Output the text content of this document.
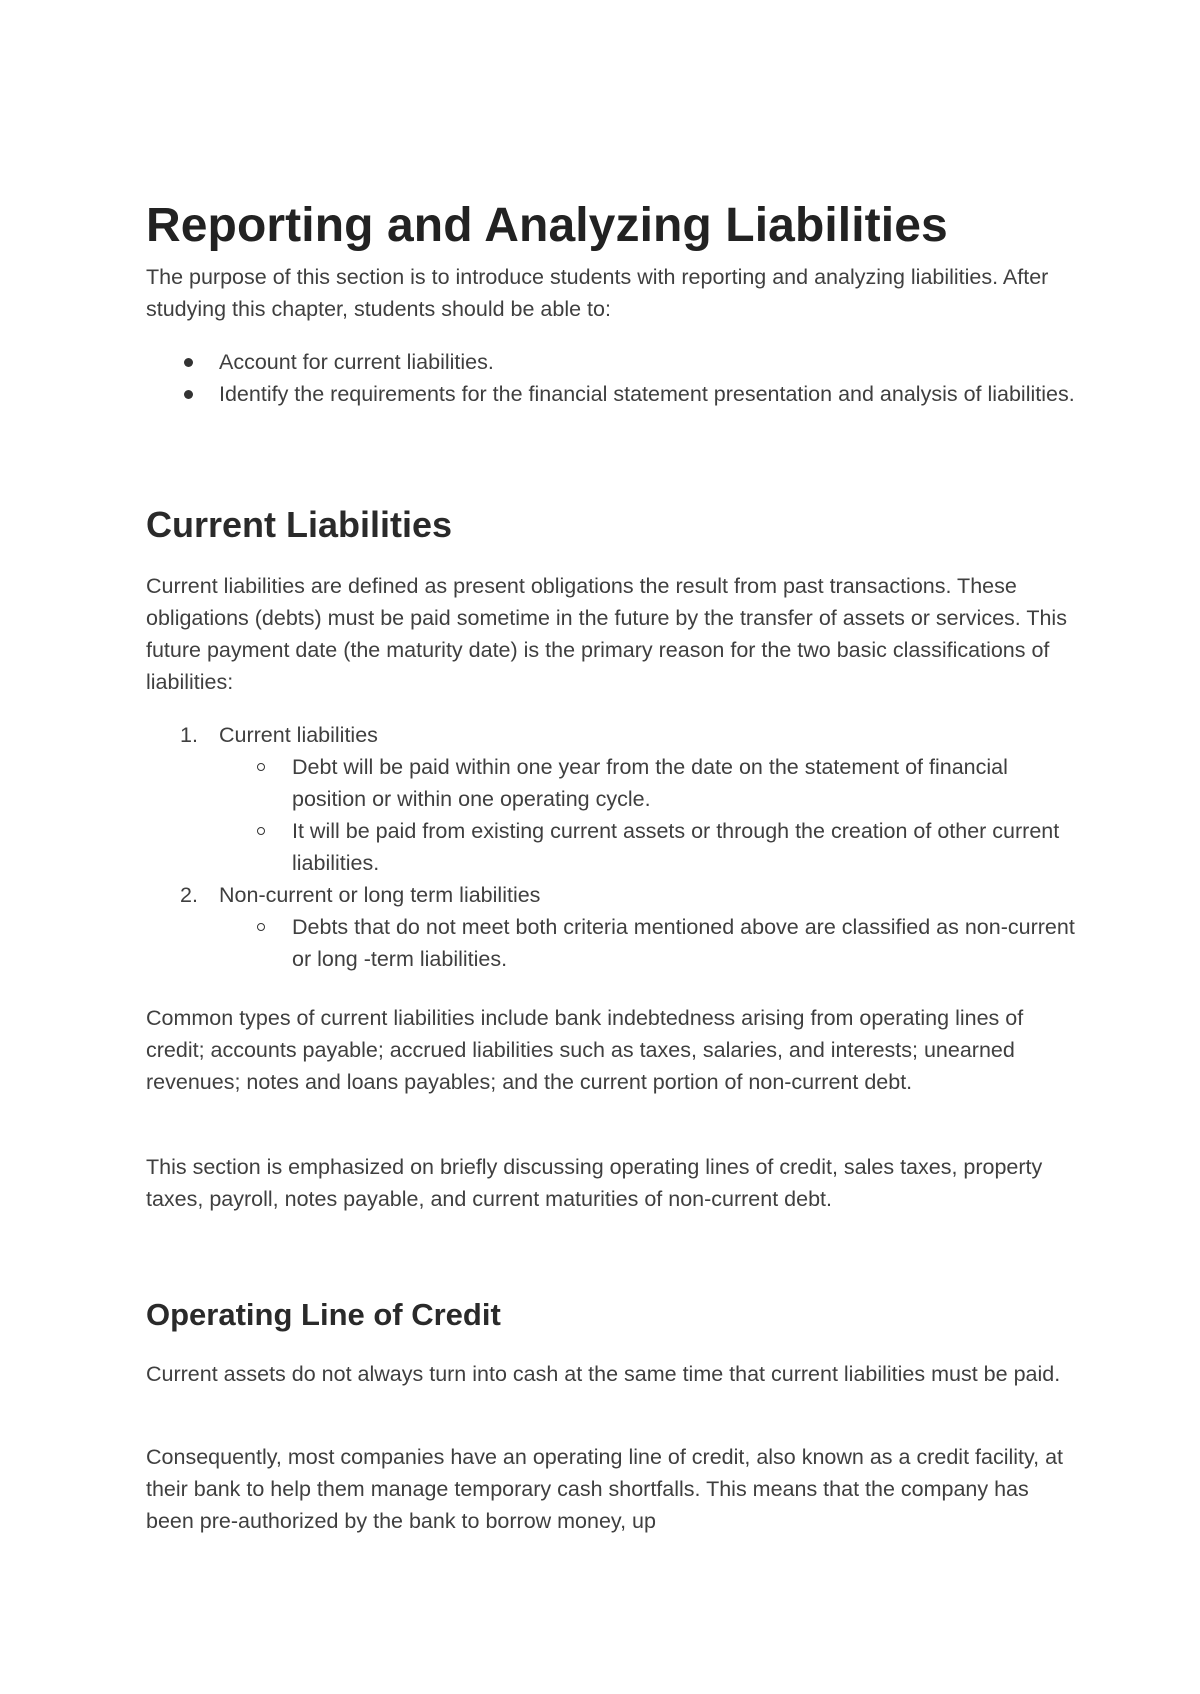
Reporting and Analyzing Liabilities

The purpose of this section is to introduce students with reporting and analyzing liabilities. After studying this chapter, students should be able to:

Account for current liabilities.
Identify the requirements for the financial statement presentation and analysis of liabilities.
Current Liabilities

Current liabilities are defined as present obligations the result from past transactions. These obligations (debts) must be paid sometime in the future by the transfer of assets or services. This future payment date (the maturity date) is the primary reason for the two basic classifications of liabilities:

1. Current liabilities
Debt will be paid within one year from the date on the statement of financial position or within one operating cycle.
It will be paid from existing current assets or through the creation of other current liabilities.
2. Non-current or long term liabilities
Debts that do not meet both criteria mentioned above are classified as non-current or long -term liabilities.

Common types of current liabilities include bank indebtedness arising from operating lines of credit; accounts payable; accrued liabilities such as taxes, salaries, and interests; unearned revenues; notes and loans payables; and the current portion of non-current debt.

This section is emphasized on briefly discussing operating lines of credit, sales taxes, property taxes, payroll, notes payable, and current maturities of non-current debt.

Operating Line of Credit

Current assets do not always turn into cash at the same time that current liabilities must be paid.

Consequently, most companies have an operating line of credit, also known as a credit facility, at their bank to help them manage temporary cash shortfalls. This means that the company has been pre-authorized by the bank to borrow money, up
